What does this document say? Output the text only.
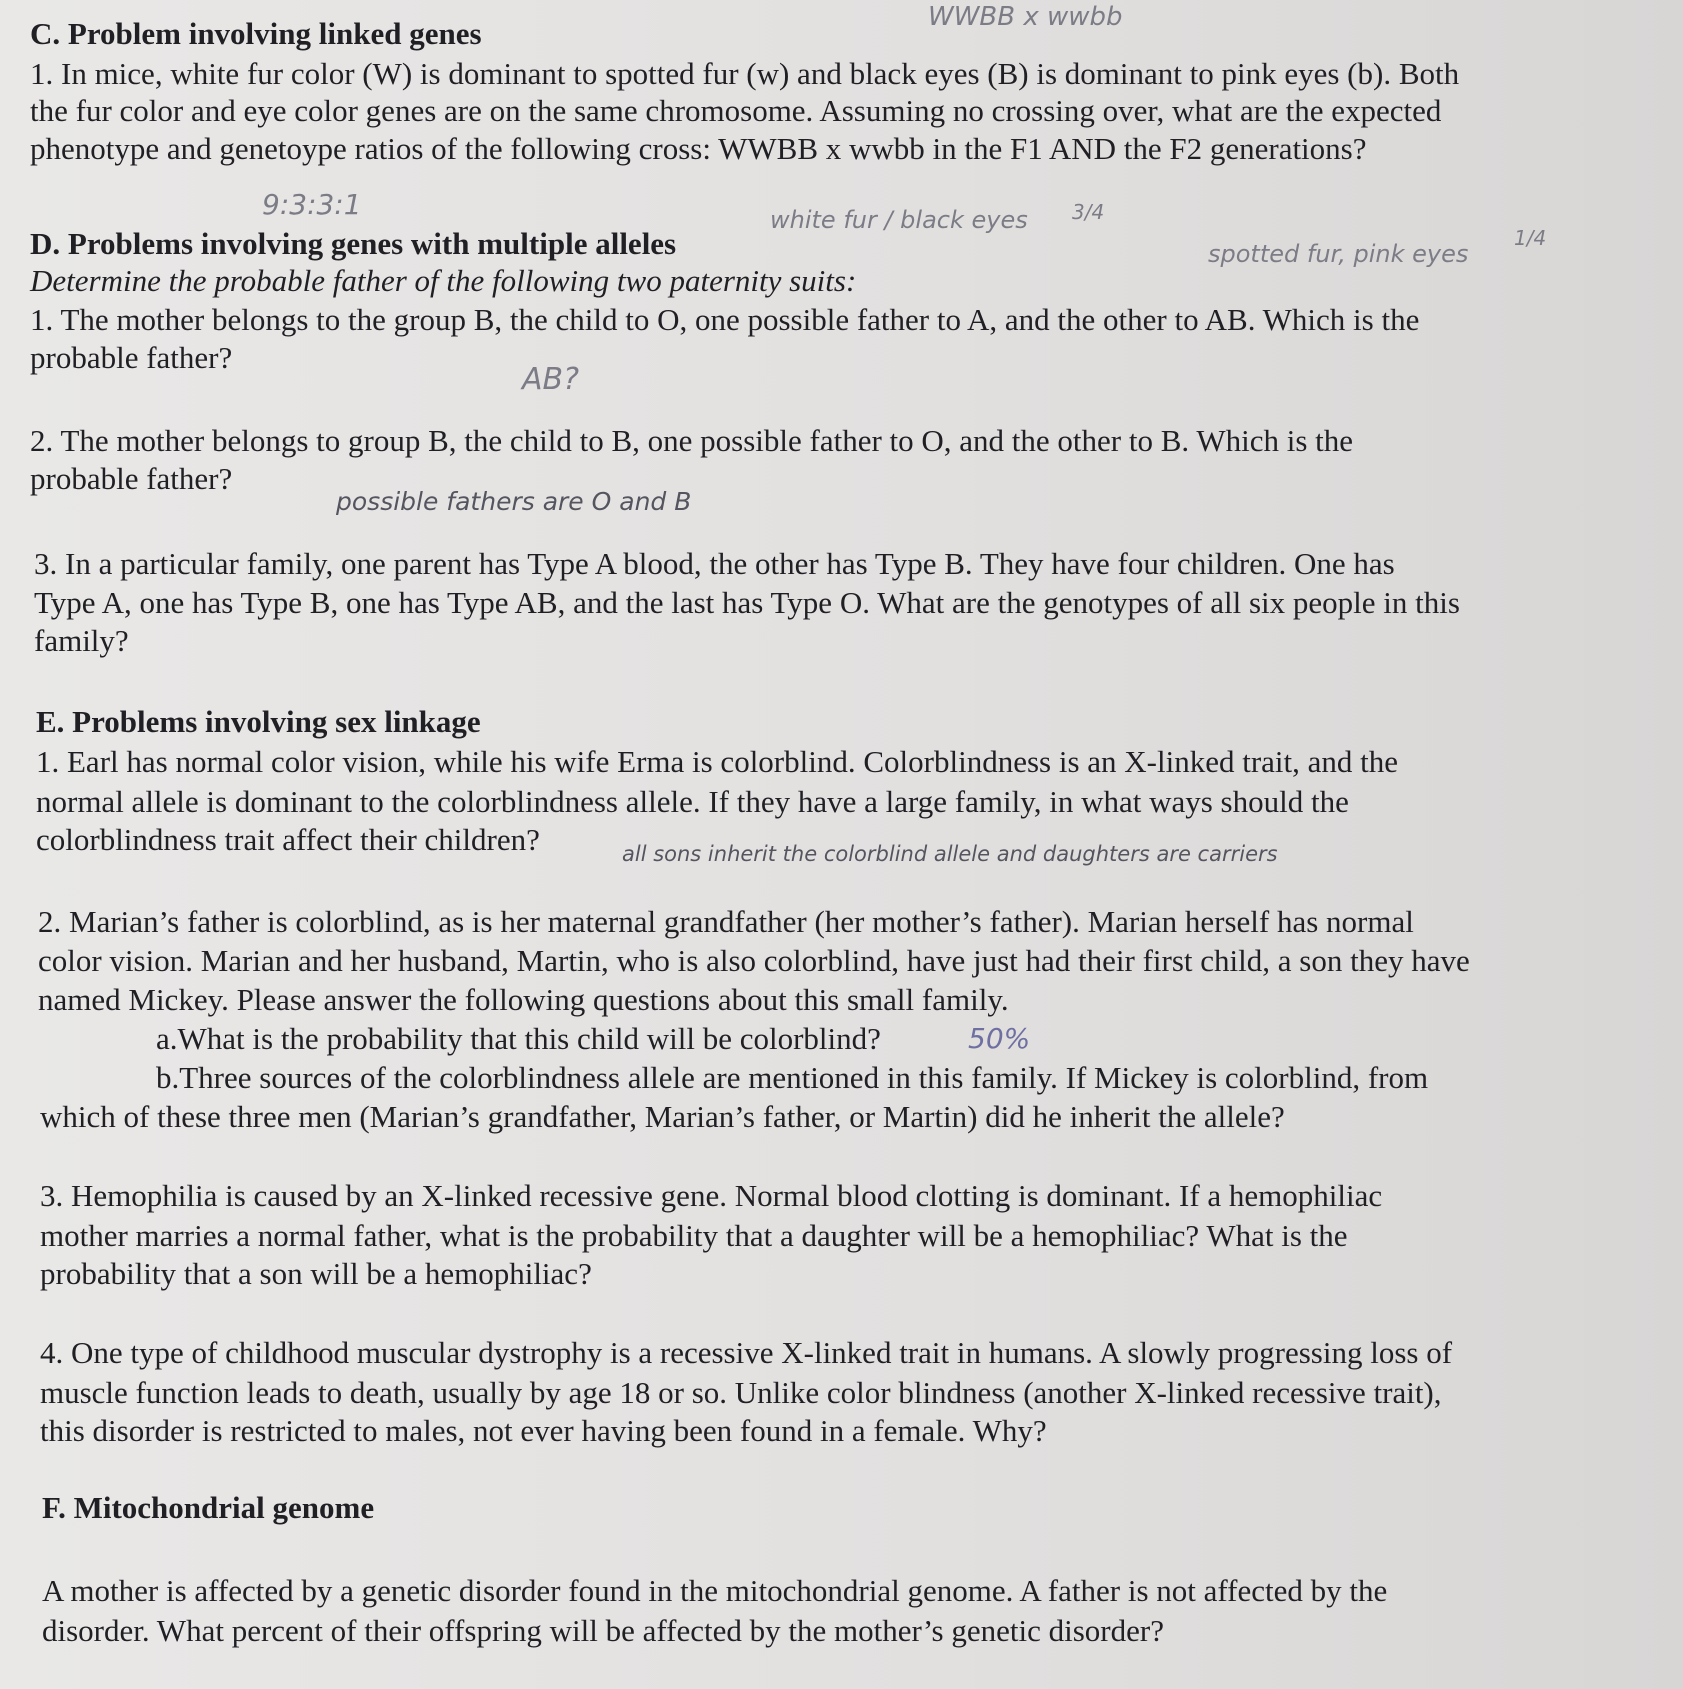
C. Problem involving linked genes
1. In mice, white fur color (W) is dominant to spotted fur (w) and black eyes (B) is dominant to pink eyes (b). Both
the fur color and eye color genes are on the same chromosome. Assuming no crossing over, what are the expected
phenotype and genetoype ratios of the following cross: WWBB x wwbb in the F1 AND the F2 generations?
D. Problems involving genes with multiple alleles
Determine the probable father of the following two paternity suits:
1. The mother belongs to the group B, the child to O, one possible father to A, and the other to AB. Which is the
probable father?
2. The mother belongs to group B, the child to B, one possible father to O, and the other to B. Which is the
probable father?
3. In a particular family, one parent has Type A blood, the other has Type B. They have four children. One has
Type A, one has Type B, one has Type AB, and the last has Type O. What are the genotypes of all six people in this
family?
E. Problems involving sex linkage
1. Earl has normal color vision, while his wife Erma is colorblind. Colorblindness is an X-linked trait, and the
normal allele is dominant to the colorblindness allele. If they have a large family, in what ways should the
colorblindness trait affect their children?
2. Marian’s father is colorblind, as is her maternal grandfather (her mother’s father). Marian herself has normal
color vision. Marian and her husband, Martin, who is also colorblind, have just had their first child, a son they have
named Mickey. Please answer the following questions about this small family.
a.What is the probability that this child will be colorblind?
b.Three sources of the colorblindness allele are mentioned in this family. If Mickey is colorblind, from
which of these three men (Marian’s grandfather, Marian’s father, or Martin) did he inherit the allele?
3. Hemophilia is caused by an X-linked recessive gene. Normal blood clotting is dominant. If a hemophiliac
mother marries a normal father, what is the probability that a daughter will be a hemophiliac? What is the
probability that a son will be a hemophiliac?
4. One type of childhood muscular dystrophy is a recessive X-linked trait in humans. A slowly progressing loss of
muscle function leads to death, usually by age 18 or so. Unlike color blindness (another X-linked recessive trait),
this disorder is restricted to males, not ever having been found in a female. Why?
F. Mitochondrial genome
A mother is affected by a genetic disorder found in the mitochondrial genome. A father is not affected by the
disorder. What percent of their offspring will be affected by the mother’s genetic disorder?
WWBB x wwbb
9:3:3:1	white fur / black eyes 3/4
spotted fur, pink eyes
1/4
AB?
possible fathers are O and B
all sons inherit the colorblind allele and daughters are carriers
50%
